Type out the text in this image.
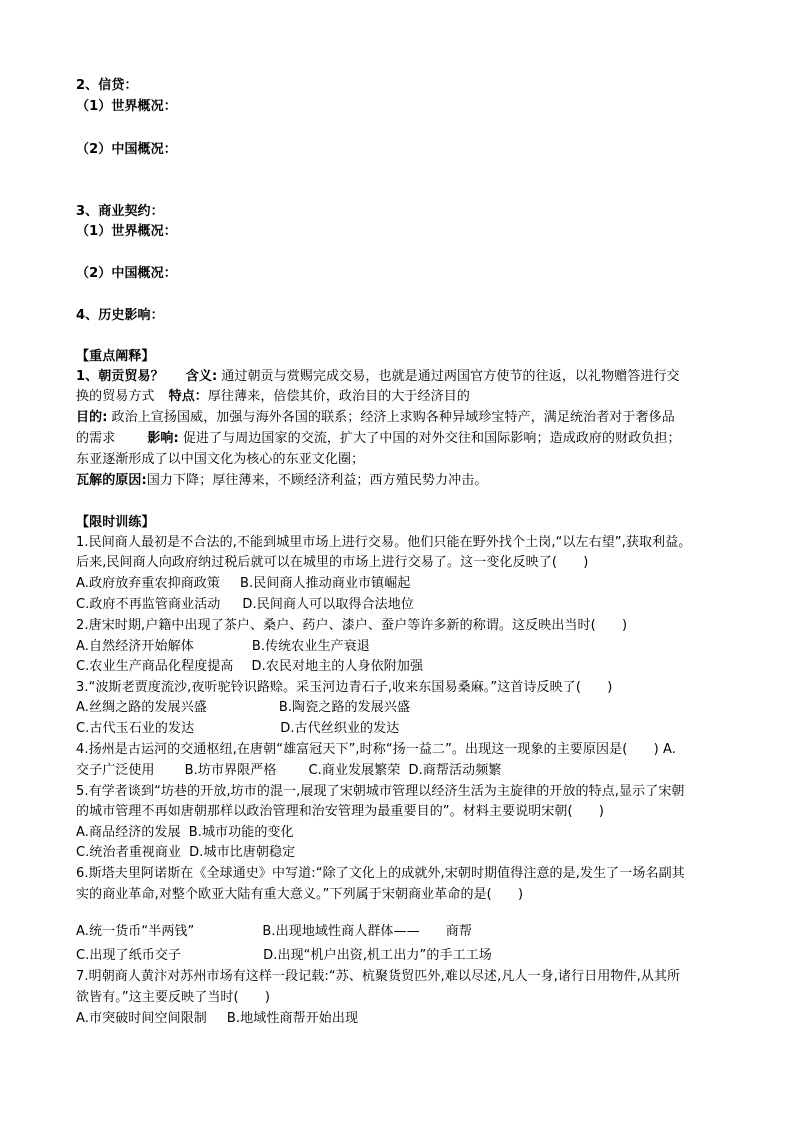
2、信贷：

（1）世界概况：

（2）中国概况：

3、商业契约：

（1）世界概况：

（2）中国概况：

4、历史影响：

【重点阐释】

1、朝贡贸易？ 含义: 通过朝贡与赏赐完成交易，也就是通过两国官方使节的往返，以礼物赠答进行交

换的贸易方式 特点：厚往薄来，倍偿其价，政治目的大于经济目的

目的: 政治上宣扬国威，加强与海外各国的联系；经济上求购各种异域珍宝特产，满足统治者对于奢侈品

的需求 影响: 促进了与周边国家的交流，扩大了中国的对外交往和国际影响；造成政府的财政负担；

东亚逐渐形成了以中国文化为核心的东亚文化圈；

瓦解的原因:国力下降；厚往薄来，不顾经济利益；西方殖民势力冲击。

【限时训练】

1.民间商人最初是不合法的,不能到城里市场上进行交易。他们只能在野外找个土岗,“以左右望”,获取利益。

后来,民间商人向政府纳过税后就可以在城里的市场上进行交易了。这一变化反映了(　　)

A.政府放弃重农抑商政策 B.民间商人推动商业市镇崛起

C.政府不再监管商业活动 D.民间商人可以取得合法地位

2.唐宋时期,户籍中出现了茶户、桑户、药户、漆户、蚕户等许多新的称谓。这反映出当时(　　)

A.自然经济开始解体	B.传统农业生产衰退

C.农业生产商品化程度提高 D.农民对地主的人身依附加强

3.“波斯老贾度流沙,夜听驼铃识路赊。采玉河边青石子,收来东国易桑麻。”这首诗反映了(　　)

A.丝绸之路的发展兴盛	B.陶瓷之路的发展兴盛

C.古代玉石业的发达	D.古代丝织业的发达

4.扬州是古运河的交通枢纽,在唐朝“雄富冠天下”,时称“扬一益二”。出现这一现象的主要原因是(　　) A.

交子广泛使用 B.坊市界限严格 C.商业发展繁荣 D.商帮活动频繁

5.有学者谈到“坊巷的开放,坊市的混一,展现了宋朝城市管理以经济生活为主旋律的开放的特点,显示了宋朝

的城市管理不再如唐朝那样以政治管理和治安管理为最重要目的”。材料主要说明宋朝(　　)

A.商品经济的发展 B.城市功能的变化

C.统治者重视商业 D.城市比唐朝稳定

6.斯塔夫里阿诺斯在《全球通史》中写道:“除了文化上的成就外,宋朝时期值得注意的是,发生了一场名副其

实的商业革命,对整个欧亚大陆有重大意义。”下列属于宋朝商业革命的是(　　)

A.统一货币“半两钱”	B.出现地域性商人群体—— 商帮

C.出现了纸币交子	D.出现“机户出资,机工出力”的手工工场

7.明朝商人黄汴对苏州市场有这样一段记载:“苏、杭聚货贸匹外,难以尽述,凡人一身,诸行日用物件,从其所

欲皆有。”这主要反映了当时(　　)

A.市突破时间空间限制 B.地域性商帮开始出现
